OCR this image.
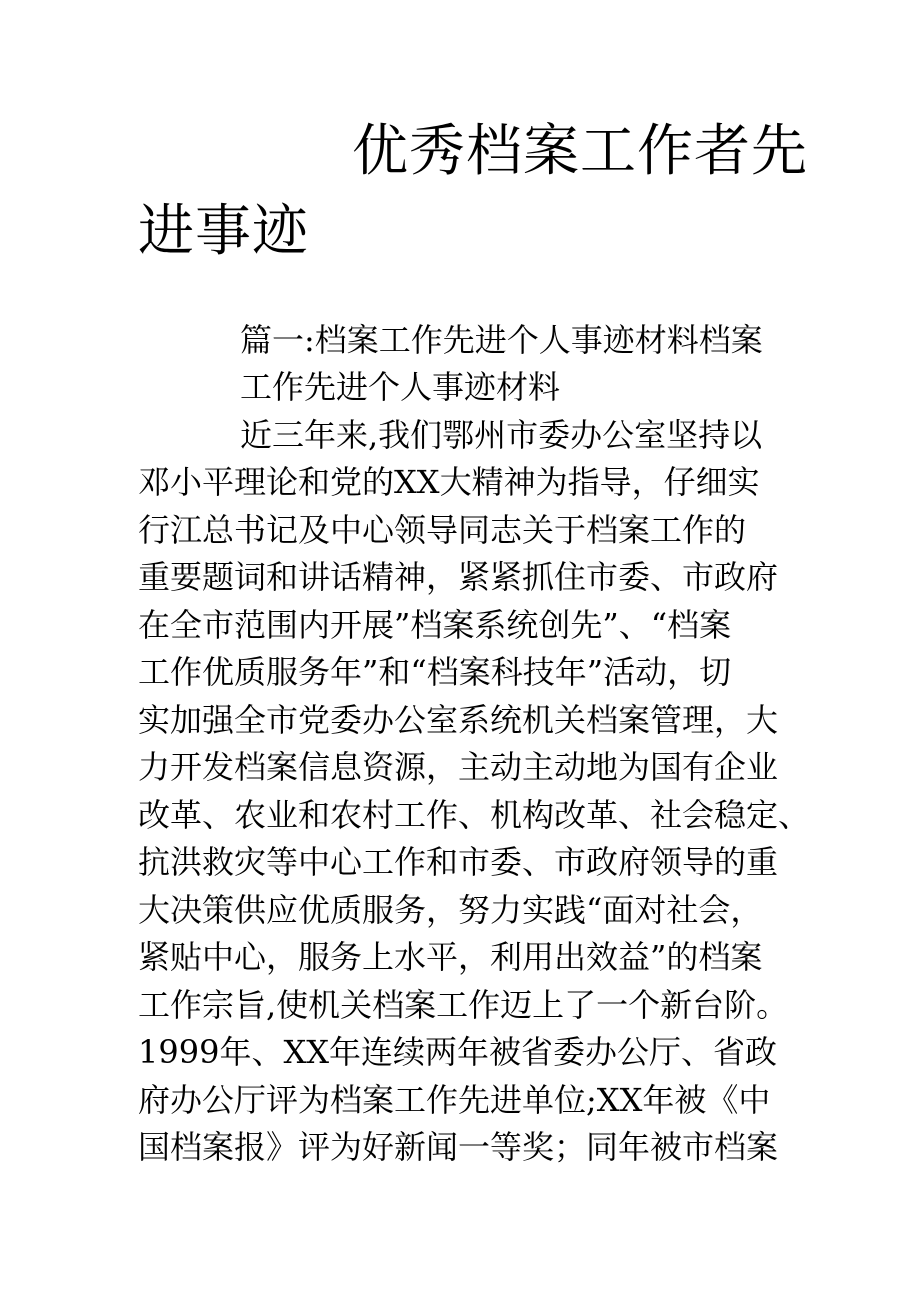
优秀档案工作者先
进事迹
篇一:档案工作先进个人事迹材料档案
工作先进个人事迹材料
近三年来,我们鄂州市委办公室坚持以
邓小平理论和党的XX大精神为指导，仔细实
行江总书记及中心领导同志关于档案工作的
重要题词和讲话精神，紧紧抓住市委、市政府
在全市范围内开展”档案系统创先”、“档案
工作优质服务年”和“档案科技年”活动，切
实加强全市党委办公室系统机关档案管理，大
力开发档案信息资源，主动主动地为国有企业
改革、农业和农村工作、机构改革、社会稳定、
抗洪救灾等中心工作和市委、市政府领导的重
大决策供应优质服务，努力实践“面对社会，
紧贴中心，服务上水平，利用出效益”的档案
工作宗旨,使机关档案工作迈上了一个新台阶。
1999年、XX年连续两年被省委办公厅、省政
府办公厅评为档案工作先进单位;XX年被《中
国档案报》评为好新闻一等奖；同年被市档案
